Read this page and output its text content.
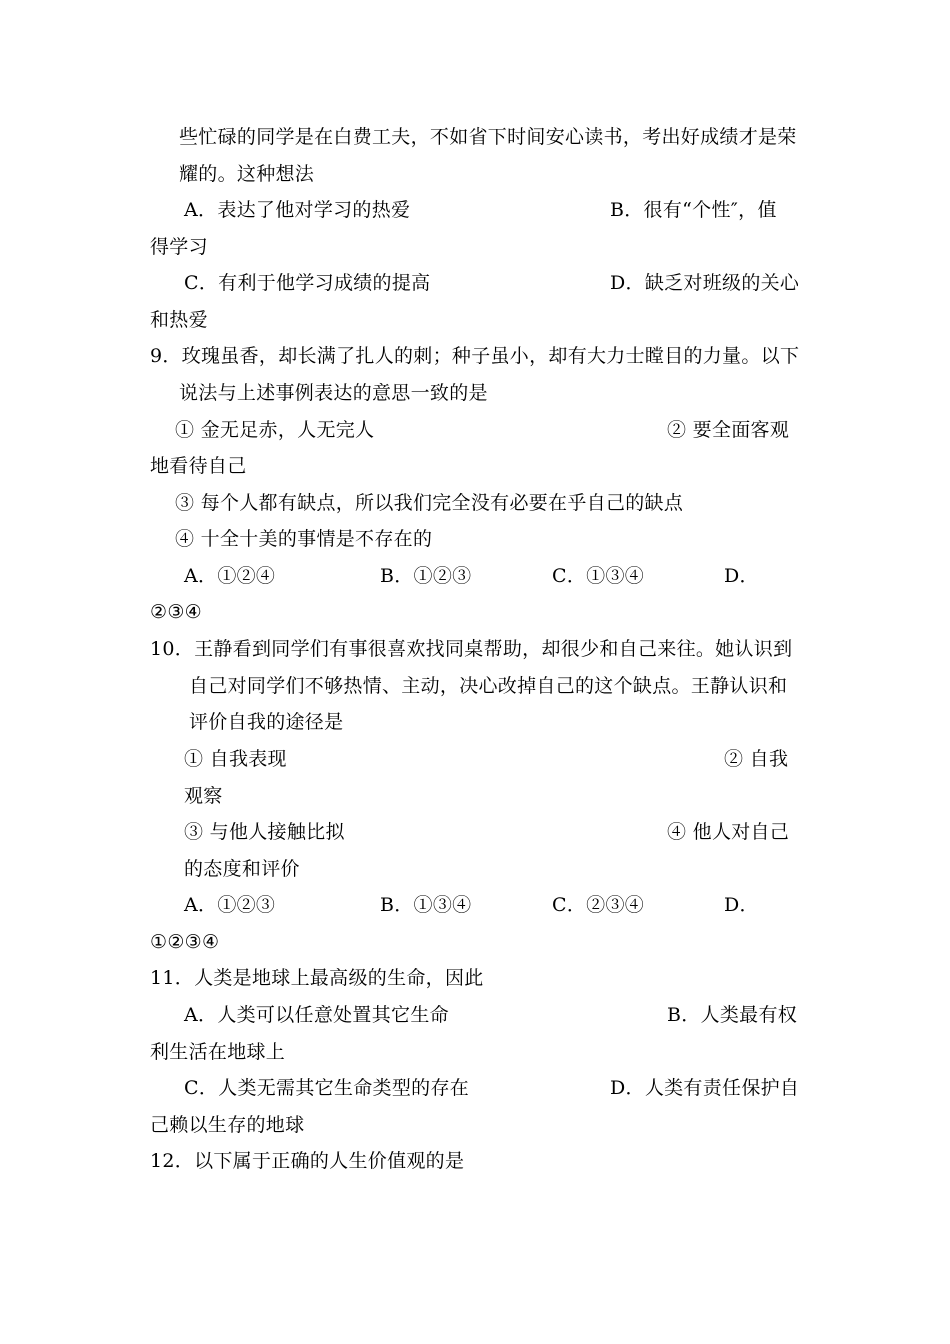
些忙碌的同学是在白费工夫，不如省下时间安心读书，考出好成绩才是荣
耀的。这种想法
A．表达了他对学习的热爱	B．很有“个性″，值
得学习
C．有利于他学习成绩的提高	D．缺乏对班级的关心
和热爱
9．玫瑰虽香，却长满了扎人的刺；种子虽小，却有大力士瞠目的力量。以下
说法与上述事例表达的意思一致的是
① 金无足赤，人无完人	② 要全面客观
地看待自己
③ 每个人都有缺点，所以我们完全没有必要在乎自己的缺点
④ 十全十美的事情是不存在的
A．①②④	B．①②③	C．①③④	D．
②③④
10．王静看到同学们有事很喜欢找同桌帮助，却很少和自己来往。她认识到
自己对同学们不够热情、主动，决心改掉自己的这个缺点。王静认识和
评价自我的途径是
① 自我表现	② 自我
观察
③ 与他人接触比拟	④ 他人对自己
的态度和评价
A．①②③	B．①③④	C．②③④	D．
①②③④
11．人类是地球上最高级的生命，因此
A．人类可以任意处置其它生命	B．人类最有权
利生活在地球上
C．人类无需其它生命类型的存在	D．人类有责任保护自
己赖以生存的地球
12．以下属于正确的人生价值观的是
